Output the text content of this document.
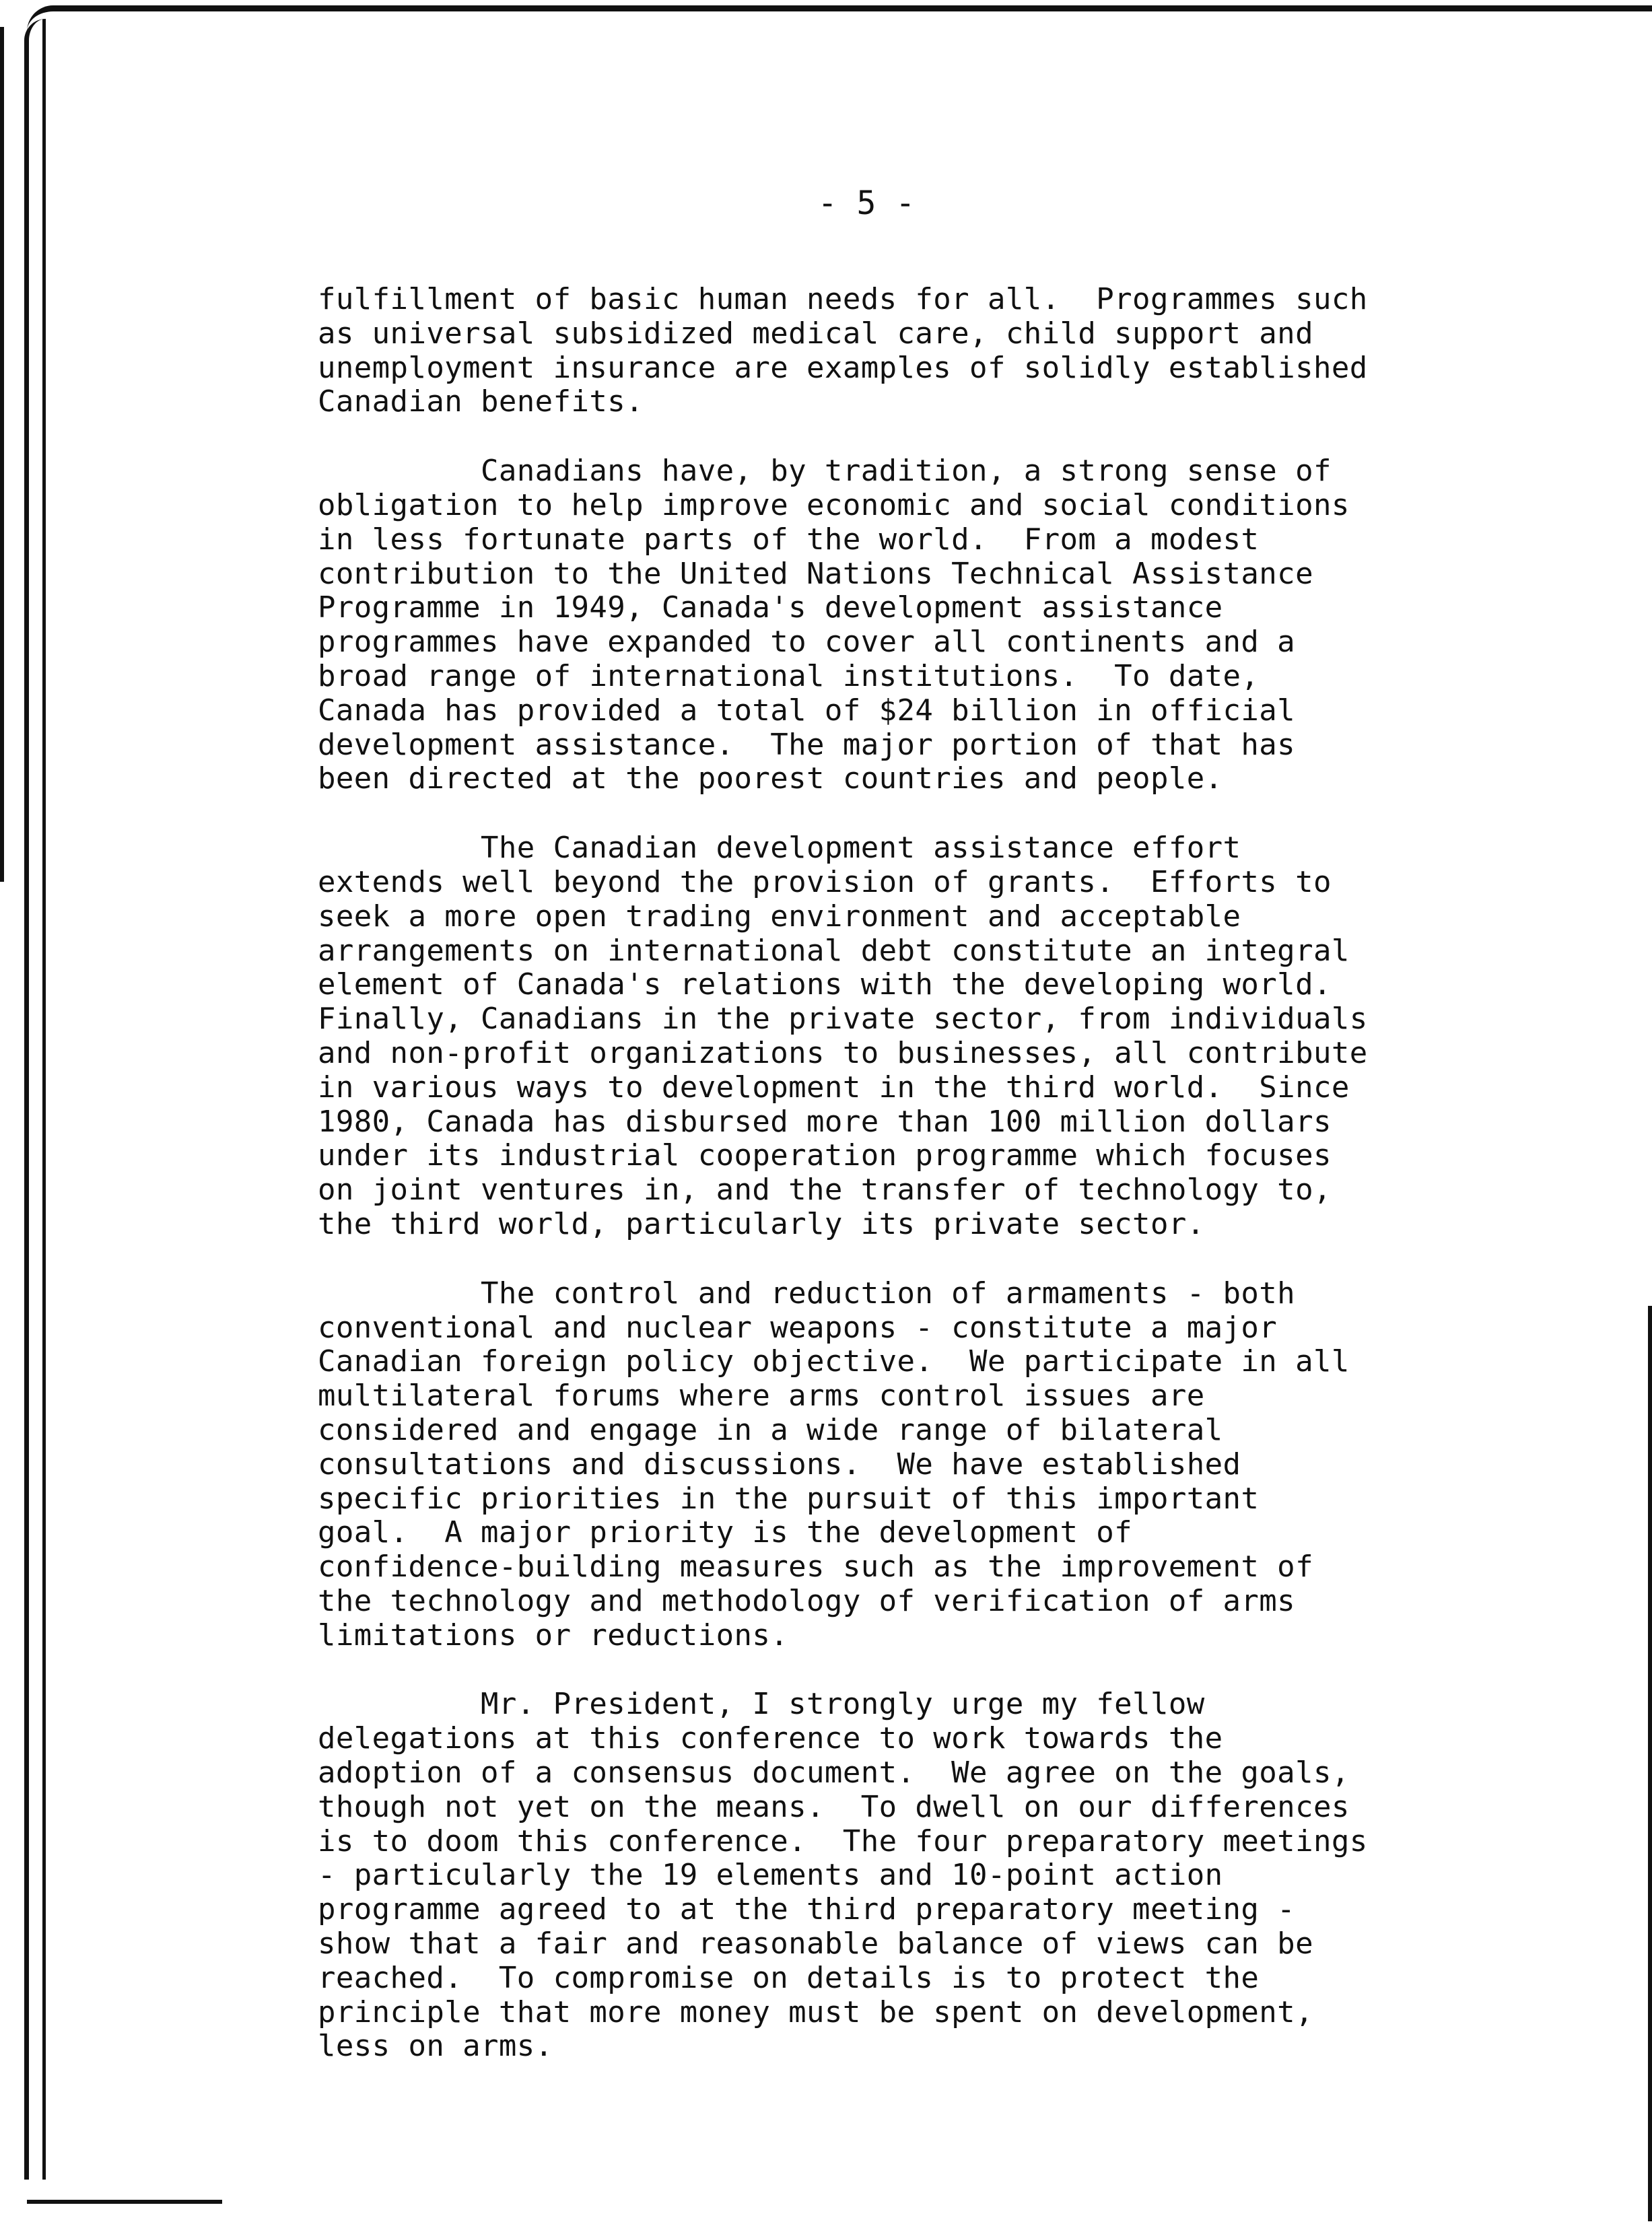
- 5 -

fulfillment of basic human needs for all.  Programmes such
as universal subsidized medical care, child support and
unemployment insurance are examples of solidly established
Canadian benefits.

Canadians have, by tradition, a strong sense of
obligation to help improve economic and social conditions
in less fortunate parts of the world.  From a modest
contribution to the United Nations Technical Assistance
Programme in 1949, Canada's development assistance
programmes have expanded to cover all continents and a
broad range of international institutions.  To date,
Canada has provided a total of $24 billion in official
development assistance.  The major portion of that has
been directed at the poorest countries and people.

The Canadian development assistance effort
extends well beyond the provision of grants.  Efforts to
seek a more open trading environment and acceptable
arrangements on international debt constitute an integral
element of Canada's relations with the developing world.
Finally, Canadians in the private sector, from individuals
and non-profit organizations to businesses, all contribute
in various ways to development in the third world.  Since
1980, Canada has disbursed more than 100 million dollars
under its industrial cooperation programme which focuses
on joint ventures in, and the transfer of technology to,
the third world, particularly its private sector.

The control and reduction of armaments - both
conventional and nuclear weapons - constitute a major
Canadian foreign policy objective.  We participate in all
multilateral forums where arms control issues are
considered and engage in a wide range of bilateral
consultations and discussions.  We have established
specific priorities in the pursuit of this important
goal.  A major priority is the development of
confidence-building measures such as the improvement of
the technology and methodology of verification of arms
limitations or reductions.

Mr. President, I strongly urge my fellow
delegations at this conference to work towards the
adoption of a consensus document.  We agree on the goals,
though not yet on the means.  To dwell on our differences
is to doom this conference.  The four preparatory meetings
- particularly the 19 elements and 10-point action
programme agreed to at the third preparatory meeting -
show that a fair and reasonable balance of views can be
reached.  To compromise on details is to protect the
principle that more money must be spent on development,
less on arms.
